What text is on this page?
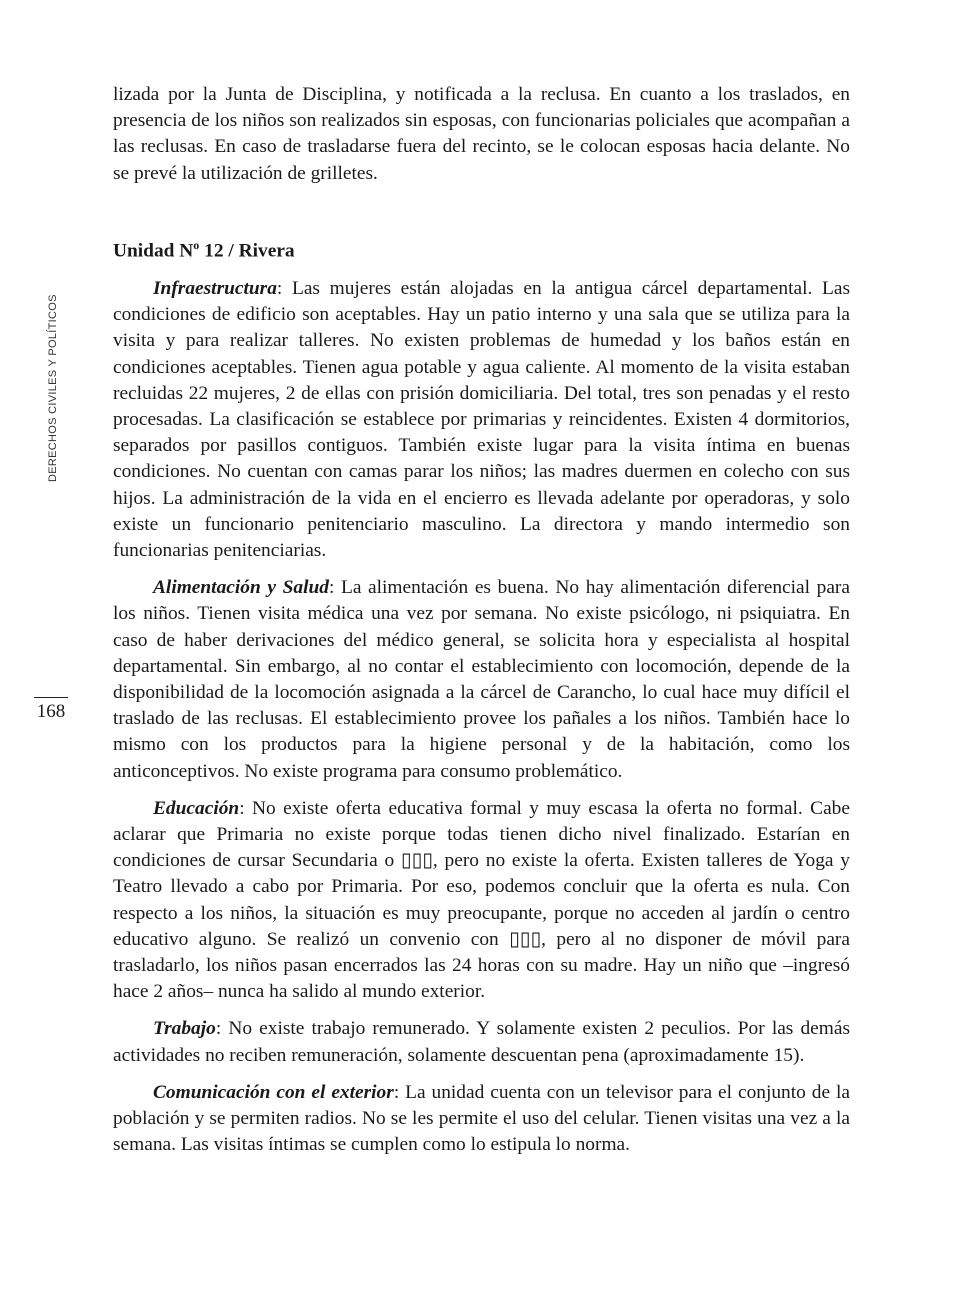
DERECHOS CIVILES Y POLÍTICOS
168

lizada por la Junta de Disciplina, y notificada a la reclusa. En cuanto a los traslados, en presencia de los niños son realizados sin esposas, con funcionarias policiales que acompañan a las reclusas. En caso de trasladarse fuera del recinto, se le colocan esposas hacia delante. No se prevé la utilización de grilletes.

Unidad $N^o$ 12 / Rivera

Infraestructura: Las mujeres están alojadas en la antigua cárcel departamental. Las condiciones de edificio son aceptables. Hay un patio interno y una sala que se utiliza para la visita y para realizar talleres. No existen problemas de humedad y los baños están en condiciones aceptables. Tienen agua potable y agua caliente. Al momento de la visita estaban recluidas 22 mujeres, 2 de ellas con prisión domiciliaria. Del total, tres son penadas y el resto procesadas. La clasificación se establece por primarias y reincidentes. Existen 4 dormitorios, separados por pasillos contiguos. También existe lugar para la visita íntima en buenas condiciones. No cuentan con camas parar los niños; las madres duermen en colecho con sus hijos. La administración de la vida en el encierro es llevada adelante por operadoras, y solo existe un funcionario penitenciario masculino. La directora y mando intermedio son funcionarias penitenciarias.

Alimentación y Salud: La alimentación es buena. No hay alimentación diferencial para los niños. Tienen visita médica una vez por semana. No existe psicólogo, ni psiquiatra. En caso de haber derivaciones del médico general, se solicita hora y especialista al hospital departamental. Sin embargo, al no contar el establecimiento con locomoción, depende de la disponibilidad de la locomoción asignada a la cárcel de Carancho, lo cual hace muy difícil el traslado de las reclusas. El establecimiento provee los pañales a los niños. También hace lo mismo con los productos para la higiene personal y de la habitación, como los anticonceptivos. No existe programa para consumo problemático.

Educación: No existe oferta educativa formal y muy escasa la oferta no formal. Cabe aclarar que Primaria no existe porque todas tienen dicho nivel finalizado. Estarían en condiciones de cursar Secundaria o ▯▯▯, pero no existe la oferta. Existen talleres de Yoga y Teatro llevado a cabo por Primaria. Por eso, podemos concluir que la oferta es nula. Con respecto a los niños, la situación es muy preocupante, porque no acceden al jardín o centro educativo alguno. Se realizó un convenio con ▯▯▯, pero al no disponer de móvil para trasladarlo, los niños pasan encerrados las 24 horas con su madre. Hay un niño que –ingresó hace 2 años– nunca ha salido al mundo exterior.

Trabajo: No existe trabajo remunerado. Y solamente existen 2 peculios. Por las demás actividades no reciben remuneración, solamente descuentan pena (aproximadamente 15).

Comunicación con el exterior: La unidad cuenta con un televisor para el conjunto de la población y se permiten radios. No se les permite el uso del celular. Tienen visitas una vez a la semana. Las visitas íntimas se cumplen como lo estipula lo norma.
